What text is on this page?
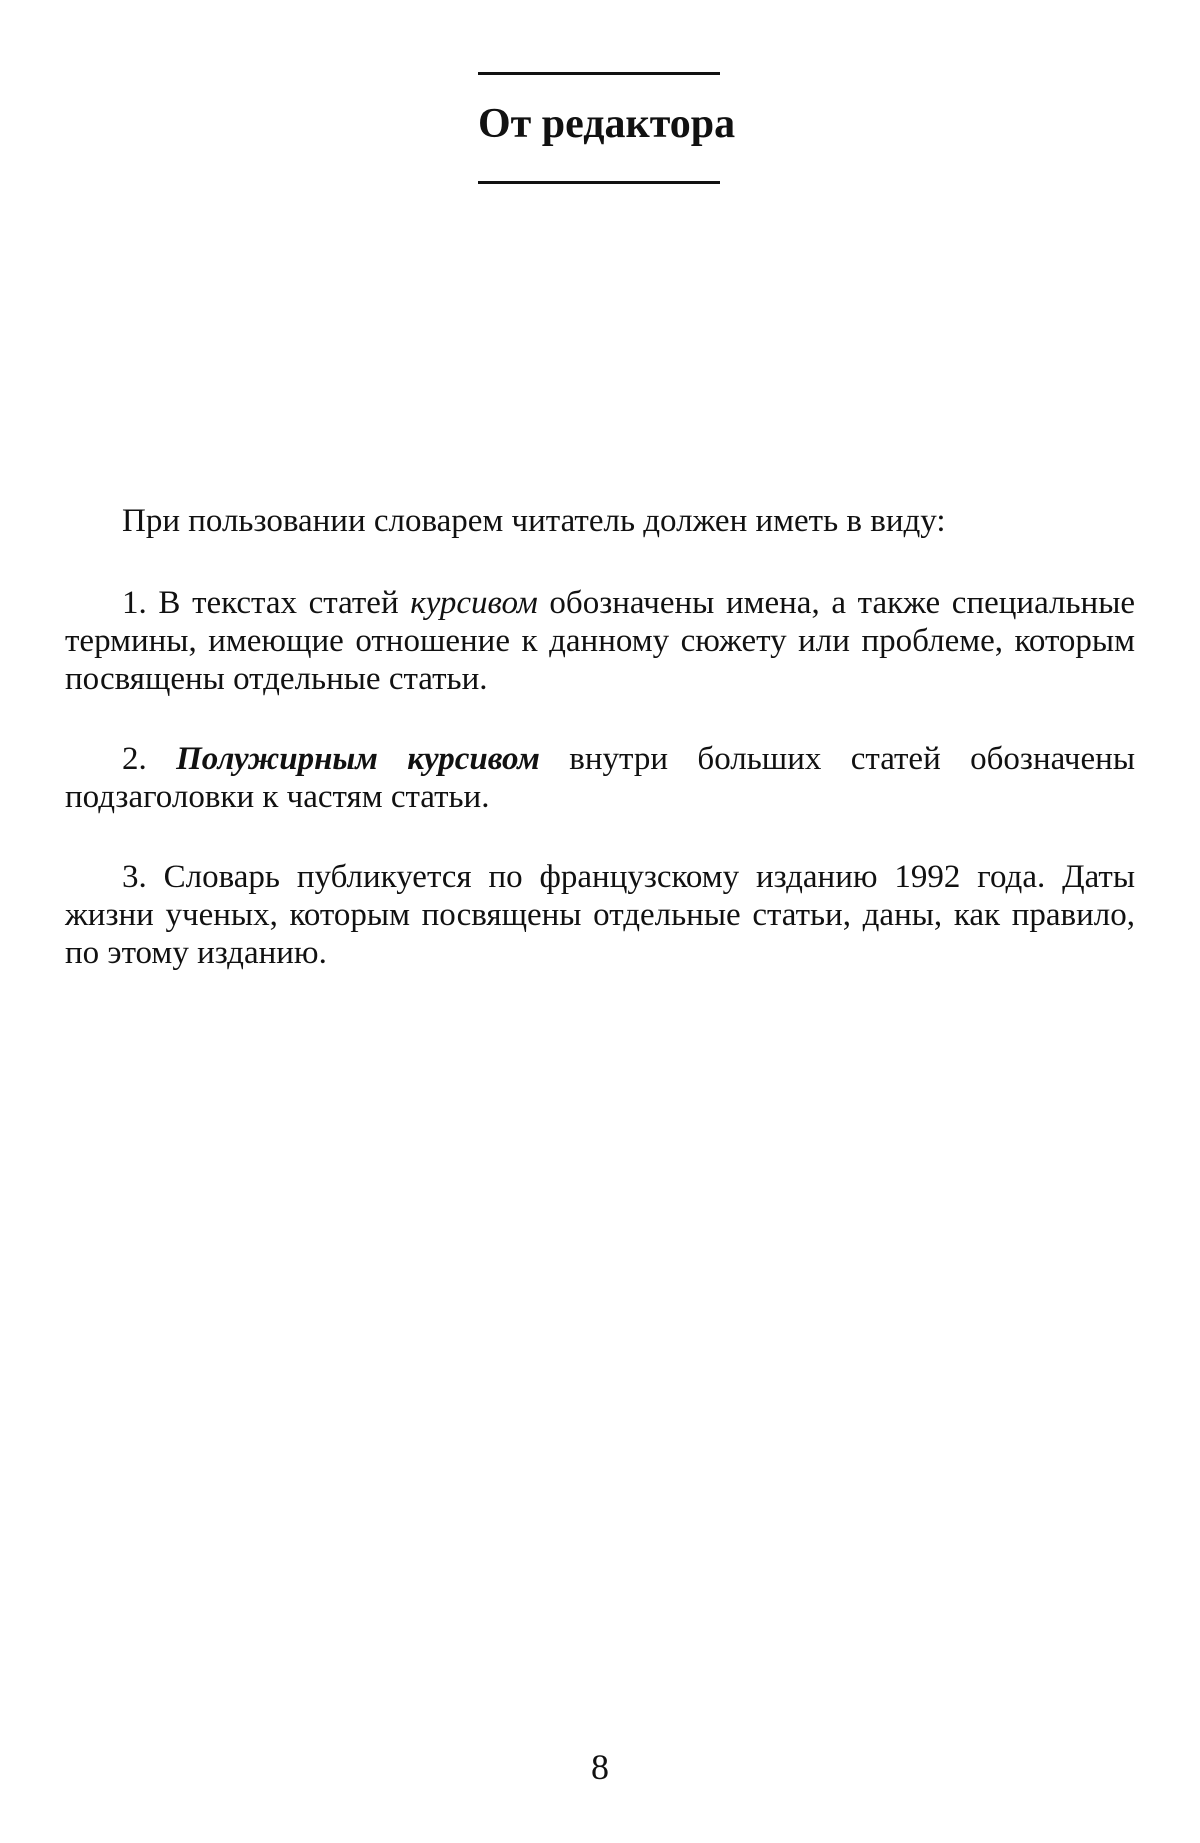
От редактора

При пользовании словарем читатель должен иметь в виду:

1. В текстах статей курсивом обозначены имена, а также специальные термины, имеющие отношение к данному сюжету или проблеме, которым посвящены отдельные статьи.

2. Полужирным курсивом внутри больших статей обозначены подзаголовки к частям статьи.

3. Словарь публикуется по французскому изданию 1992 года. Даты жизни ученых, которым посвящены отдельные статьи, даны, как правило, по этому изданию.

8
